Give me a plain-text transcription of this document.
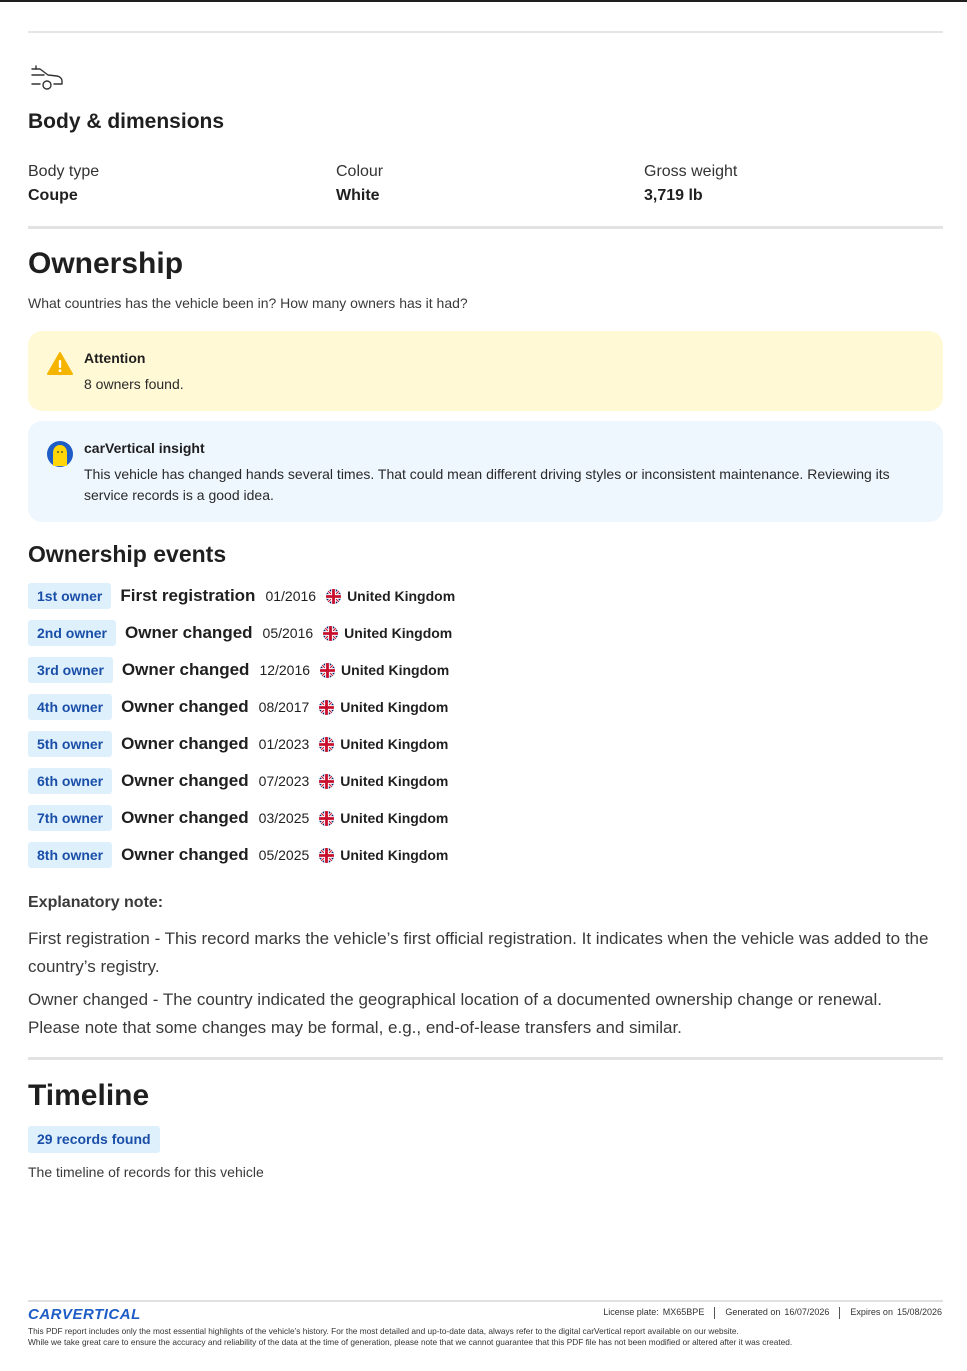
Body & dimensions
Body type
Coupe
Colour
White
Gross weight
3,719 lb
Ownership
What countries has the vehicle been in? How many owners has it had?
Attention
8 owners found.
carVertical insight
This vehicle has changed hands several times. That could mean different driving styles or inconsistent maintenance. Reviewing its service records is a good idea.
Ownership events
1st owner	First registration 01/2016 United Kingdom
2nd owner	Owner changed 05/2016 United Kingdom
3rd owner	Owner changed 12/2016 United Kingdom
4th owner	Owner changed 08/2017 United Kingdom
5th owner	Owner changed 01/2023 United Kingdom
6th owner	Owner changed 07/2023 United Kingdom
7th owner	Owner changed 03/2025 United Kingdom
8th owner	Owner changed 05/2025 United Kingdom
Explanatory note:
First registration - This record marks the vehicle’s first official registration. It indicates when the vehicle was added to the country’s registry.
Owner changed - The country indicated the geographical location of a documented ownership change or renewal. Please note that some changes may be formal, e.g., end-of-lease transfers and similar.
Timeline
29 records found
The timeline of records for this vehicle
CARVERTICAL	License plate: MX65BPE Generated on 16/07/2026 Expires on 15/08/2026
This PDF report includes only the most essential highlights of the vehicle’s history. For the most detailed and up-to-date data, always refer to the digital carVertical report available on our website.
While we take great care to ensure the accuracy and reliability of the data at the time of generation, please note that we cannot guarantee that this PDF file has not been modified or altered after it was created.
